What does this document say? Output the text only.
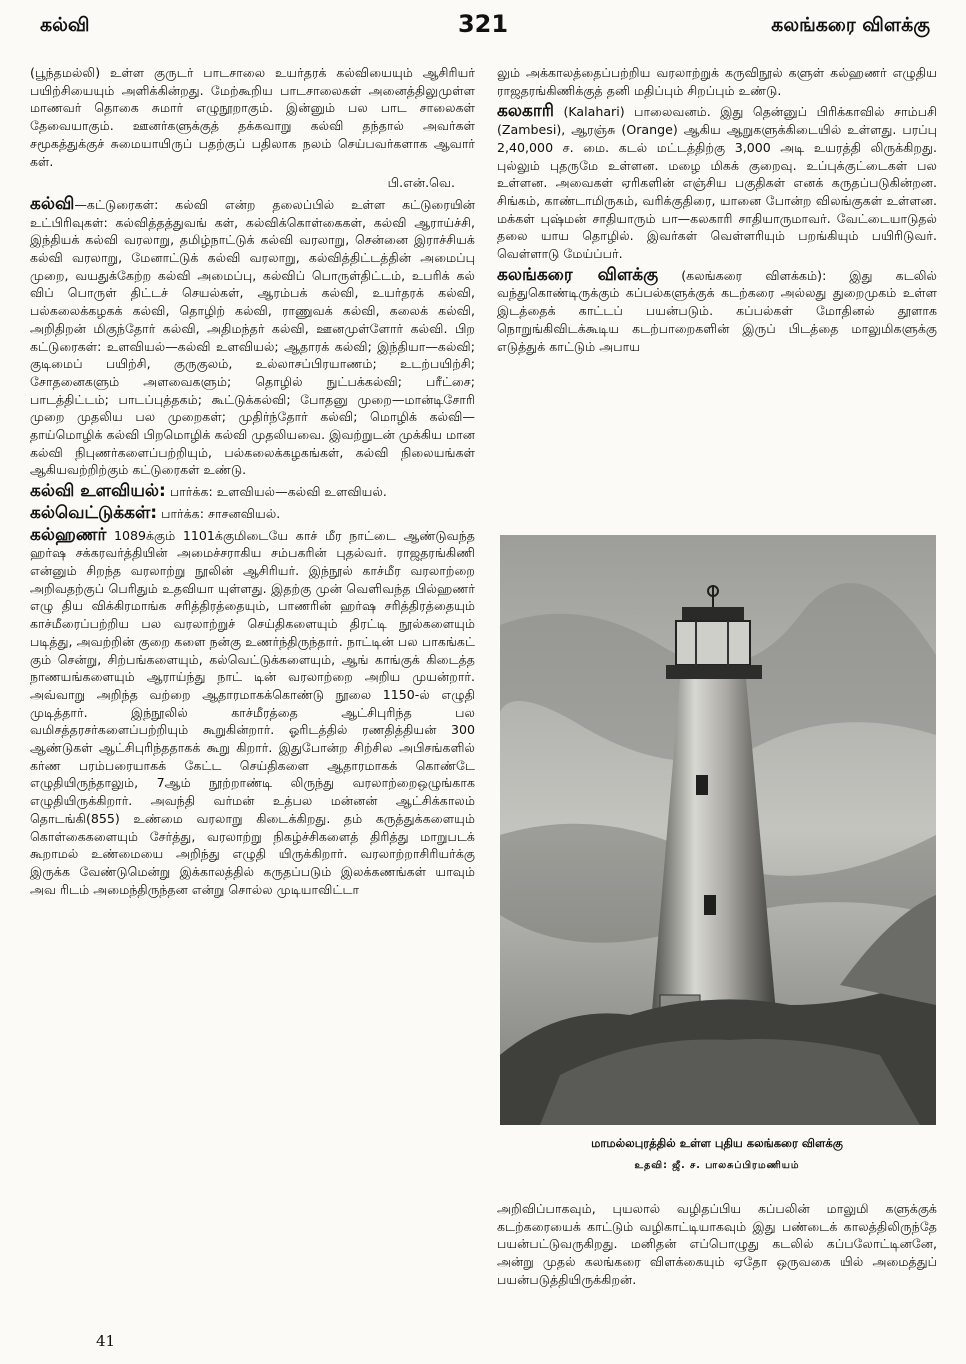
கல்வி	321	கலங்கரை விளக்கு

(பூந்தமல்லி) உள்ள குருடர் பாடசாலை உயர்தரக் கல்வியையும் ஆசிரியர் பயிற்சியையும் அளிக்கின்றது. மேற்கூறிய பாடசாலைகள் அனைத்திலுமுள்ள மாணவர் தொகை சுமார் எழுநூறாகும். இன்னும் பல பாட சாலைகள் தேவையாகும். ஊனர்களுக்குத் தக்கவாறு கல்வி தந்தால் அவர்கள் சமூகத்துக்குச் சுமையாயிருப் பதற்குப் பதிலாக நலம் செய்பவர்களாக ஆவார் கள்.

பி.என்.வெ.

கல்வி—கட்டுரைகள்: கல்வி என்ற தலைப்பில் உள்ள கட்டுரையின் உட்பிரிவுகள்: கல்வித்தத்துவங் கள், கல்விக்கொள்கைகள், கல்வி ஆராய்ச்சி, இந்தியக் கல்வி வரலாறு, தமிழ்நாட்டுக் கல்வி வரலாறு, சென்னை இராச்சியக் கல்வி வரலாறு, மேனாட்டுக் கல்வி வரலாறு, கல்வித்திட்டத்தின் அமைப்பு முறை, வயதுக்கேற்ற கல்வி அமைப்பு, கல்விப் பொருள்திட்டம், உபரிக் கல் விப் பொருள் திட்டச் செயல்கள், ஆரம்பக் கல்வி, உயர்தரக் கல்வி, பல்கலைக்கழகக் கல்வி, தொழிற் கல்வி, ராணுவக் கல்வி, கலைக் கல்வி, அறிதிறன் மிகுந்தோர் கல்வி, அதிமந்தர் கல்வி, ஊனமுள்ளோர் கல்வி. பிற கட்டுரைகள்: உளவியல்—கல்வி உளவியல்; ஆதாரக் கல்வி; இந்தியா—கல்வி; குடிமைப் பயிற்சி, குருகுலம், உல்லாசப்பிரயாணம்; உடற்பயிற்சி; சோதனைகளும் அளவைகளும்; தொழில் நுட்பக்கல்வி; பரீட்சை; பாடத்திட்டம்; பாடப்புத்தகம்; கூட்டுக்கல்வி; போதனு முறை—மான்டிசோரி முறை முதலிய பல முறைகள்; முதிர்ந்தோர் கல்வி; மொழிக் கல்வி—தாய்மொழிக் கல்வி பிறமொழிக் கல்வி முதலியவை. இவற்றுடன் முக்கிய மான கல்வி நிபுணர்களைப்பற்றியும், பல்கலைக்கழகங்கள், கல்வி நிலையங்கள் ஆகியவற்றிற்கும் கட்டுரைகள் உண்டு.

கல்வி உளவியல்: பார்க்க: உளவியல்—கல்வி உளவியல்.

கல்வெட்டுக்கள்: பார்க்க: சாசனவியல்.

கல்ஹணர் 1089க்கும் 1101க்குமிடையே காச் மீர நாட்டை ஆண்டுவந்த ஹர்ஷ சக்கரவர்த்தியின் அமைச்சராகிய சம்பகரின் புதல்வர். ராஜதரங்கிணி என்னும் சிறந்த வரலாற்று நூலின் ஆசிரியர். இந்நூல் காச்மீர வரலாற்றை அறிவதற்குப் பெரிதும் உதவியா யுள்ளது. இதற்கு முன் வெளிவந்த பில்ஹணர் எழு திய விக்கிரமாங்க சரித்திரத்தையும், பாணரின் ஹர்ஷ சரித்திரத்தையும் காச்மீரைப்பற்றிய பல வரலாற்றுச் செய்திகளையும் திரட்டி நூல்களையும் படித்து, அவற்றின் குறை களை நன்கு உணர்ந்திருந்தார். நாட்டின் பல பாகங்கட் கும் சென்று, சிற்பங்களையும், கல்வெட்டுக்களையும், ஆங் காங்குக் கிடைத்த நாணயங்களையும் ஆராய்ந்து நாட் டின் வரலாற்றை அறிய முயன்றார். அவ்வாறு அறிந்த வற்றை ஆதாரமாகக்கொண்டு நூலை 1150-ல் எழுதி முடித்தார். இந்நூலில் காச்மீரத்தை ஆட்சிபுரிந்த பல வமிசத்தரசர்களைப்பற்றியும் கூறுகின்றார். ஓரிடத்தில் ரணதித்தியன் 300 ஆண்டுகள் ஆட்சிபுரிந்ததாகக் கூறு கிறார். இதுபோன்ற சிற்சில அபிசங்களில் கர்ண பரம்பரையாகக் கேட்ட செய்திகளை ஆதாரமாகக் கொண்டே எழுதியிருந்தாலும், 7ஆம் நூற்றாண்டி லிருந்து வரலாற்றைஒழுங்காக எழுதியிருக்கிறார். அவந்தி வர்மன் உத்பல மன்னன் ஆட்சிக்காலம் தொடங்கி(855) உண்மை வரலாறு கிடைக்கிறது. தம் கருத்துக்களையும் கொள்கைகளையும் சேர்த்து, வரலாற்று நிகழ்ச்சிகளைத் திரித்து மாறுபடக் கூறாமல் உண்மையை அறிந்து எழுதி யிருக்கிறார். வரலாற்றாசிரியர்க்கு இருக்க வேண்டுமென்று இக்காலத்தில் கருதப்படும் இலக்கணங்கள் யாவும் அவ ரிடம் அமைந்திருந்தன என்று சொல்ல முடியாவிட்டா

லும் அக்காலத்தைப்பற்றிய வரலாற்றுக் கருவிநூல் களுள் கல்ஹணர் எழுதிய ராஜதரங்கிணிக்குத் தனி மதிப்பும் சிறப்பும் உண்டு.

கலகாரி (Kalahari) பாலைவனம். இது தென்னுப் பிரிக்காவில் சாம்பசி (Zambesi), ஆரஞ்சு (Orange) ஆகிய ஆறுகளுக்கிடையில் உள்ளது. பரப்பு 2,40,000 ச. மை. கடல் மட்டத்திற்கு 3,000 அடி உயரத்தி லிருக்கிறது. புல்லும் புதருமே உள்ளன. மழை மிகக் குறைவு. உப்புக்குட்டைகள் பல உள்ளன. அவைகள் ஏரிகளின் எஞ்சிய பகுதிகள் எனக் கருதப்படுகின்றன. சிங்கம், காண்டாமிருகம், வரிக்குதிரை, யானை போன்ற விலங்குகள் உள்ளன. மக்கள் புஷ்மன் சாதியாரும் பா—கலகாரி சாதியாருமாவர். வேட்டையாடுதல் தலை யாய தொழில். இவர்கள் வெள்ளரியும் பறங்கியும் பயிரிடுவர். வெள்ளாடு மேய்ப்பர்.

கலங்கரை விளக்கு (கலங்கரை விளக்கம்): இது கடலில் வந்துகொண்டிருக்கும் கப்பல்களுக்குக் கடற்கரை அல்லது துறைமுகம் உள்ள இடத்தைக் காட்டப் பயன்படும். கப்பல்கள் மோதினல் தூளாக நொறுங்கிவிடக்கூடிய கடற்பாறைகளின் இருப் பிடத்தை மாலுமிகளுக்கு எடுத்துக் காட்டும் அபாய

மாமல்லபுரத்தில் உள்ள புதிய கலங்கரை விளக்கு
உதவி: ஜீ. ச. பாலசுப்பிரமணியம்

அறிவிப்பாகவும், புயலால் வழிதப்பிய கப்பலின் மாலுமி களுக்குக் கடற்கரையைக் காட்டும் வழிகாட்டியாகவும் இது பண்டைக் காலத்திலிருந்தே பயன்பட்டுவருகிறது. மனிதன் எப்பொழுது கடலில் கப்பலோட்டினனே, அன்று முதல் கலங்கரை விளக்கையும் ஏதோ ஒருவகை யில் அமைத்துப் பயன்படுத்தியிருக்கிறன்.

41
